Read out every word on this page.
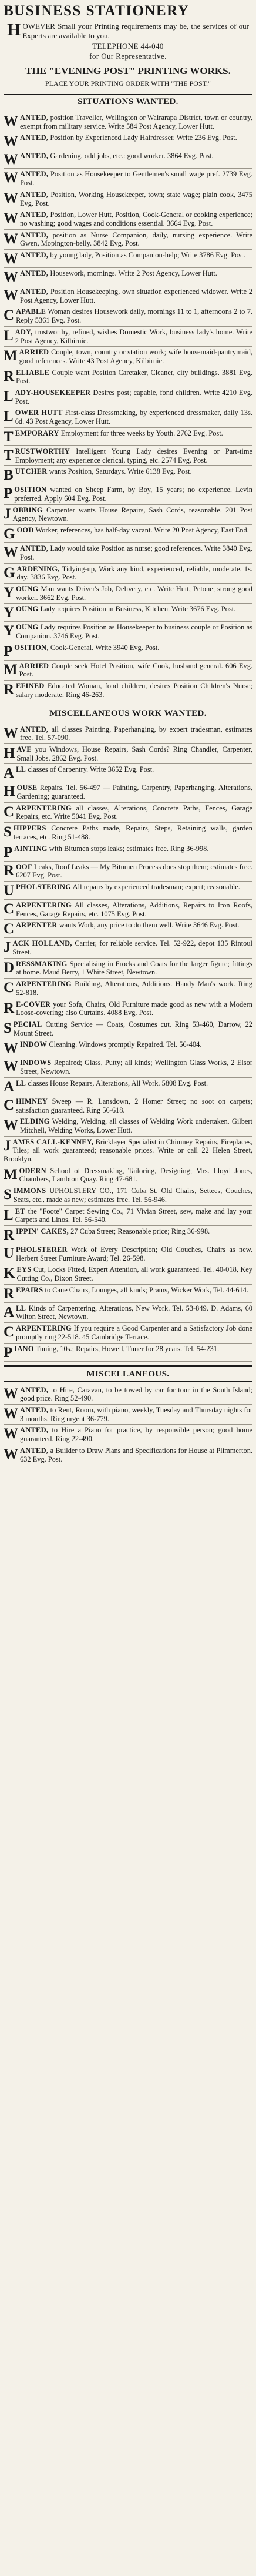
BUSINESS STATIONERY
H OWEVER Small your Printing requirements may be, the services of our Experts are available to you.
TELEPHONE 44-040
for Our Representative.
THE "EVENING POST" PRINTING WORKS.
PLACE YOUR PRINTING ORDER WITH "THE POST."
SITUATIONS WANTED.
WANTED, position Traveller, Wellington or Wairarapa District, town or country, exempt from military service. Write 584 Post Agency, Lower Hutt.
WANTED, Position by Experienced Lady Hairdresser. Write 236 Evg. Post.
WANTED, Gardening, odd jobs, etc.: good worker. 3864 Evg. Post.
WANTED, Position as Housekeeper to Gentlemen's small wage pref. 2739 Evg. Post.
WANTED, Position, Working Housekeeper, town; state wage; plain cook, 3475 Evg. Post.
WANTED, Position, Lower Hutt, Position, Cook-General or cooking experience; no washing; good wages and conditions essential. 3664 Evg. Post.
WANTED, position as Nurse Companion, daily, nursing experience. Write Gwen, Mopington-belly. 3842 Evg. Post.
WANTED, by young lady, Position as Companion-help; Write 3786 Evg. Post.
WANTED, Housework, mornings. Write 2 Post Agency, Lower Hutt.
WANTED, Position Housekeeping, own situation experienced widower. Write 2 Post Agency, Lower Hutt.
CAPABLE Woman desires Housework daily, mornings 11 to 1, afternoons 2 to 7. Reply 5361 Evg. Post.
LADY, trustworthy, refined, wishes Domestic Work, business lady's home. Write 2 Post Agency, Kilbirnie.
MARRIED Couple, town, country or station work; wife housemaid-pantrymaid, good references. Write 43 Post Agency, Kilbirnie.
RELIABLE Couple want Position Caretaker, Cleaner, city buildings. 3881 Evg. Post.
LADY-HOUSEKEEPER Desires post; capable, fond children. Write 4210 Evg. Post.
LOWER HUTT First-class Dressmaking, by experienced dressmaker, daily 13s. 6d. 43 Post Agency, Lower Hutt.
TEMPORARY Employment for three weeks by Youth. 2762 Evg. Post.
TRUSTWORTHY Intelligent Young Lady desires Evening or Part-time Employment; any experience clerical, typing, etc. 2574 Evg. Post.
BUTCHER wants Position, Saturdays. Write 6138 Evg. Post.
POSITION wanted on Sheep Farm, by Boy, 15 years; no experience. Levin preferred. Apply 604 Evg. Post.
JOBBING Carpenter wants House Repairs, Sash Cords, reasonable. 201 Post Agency, Newtown.
GOOD Worker, references, has half-day vacant. Write 20 Post Agency, East End.
WANTED, Lady would take Position as nurse; good references. Write 3840 Evg. Post.
GARDENING, Tidying-up, Work any kind, experienced, reliable, moderate. 1s. day. 3836 Evg. Post.
YOUNG Man wants Driver's Job, Delivery, etc. Write Hutt, Petone; strong good worker. 3662 Evg. Post.
YOUNG Lady requires Position in Business, Kitchen. Write 3676 Evg. Post.
YOUNG Lady requires Position as Housekeeper to business couple or Position as Companion. 3746 Evg. Post.
POSITION, Cook-General. Write 3940 Evg. Post.
MARRIED Couple seek Hotel Position, wife Cook, husband general. 606 Evg. Post.
REFINED Educated Woman, fond children, desires Position Children's Nurse; salary moderate. Ring 46-263.
MISCELLANEOUS WORK WANTED.
WANTED, all classes Painting, Paperhanging, by expert tradesman, estimates free. Tel. 57-090.
HAVE you Windows, House Repairs, Sash Cords? Ring Chandler, Carpenter, Small Jobs. 2862 Evg. Post.
ALL classes of Carpentry. Write 3652 Evg. Post.
HOUSE Repairs. Tel. 56-497 — Painting, Carpentry, Paperhanging, Alterations, Gardening; guaranteed.
CARPENTERING all classes, Alterations, Concrete Paths, Fences, Garage Repairs, etc. Write 5041 Evg. Post.
SHIPPERS Concrete Paths made, Repairs, Steps, Retaining walls, garden terraces, etc. Ring 51-488.
PAINTING with Bitumen stops leaks; estimates free. Ring 36-998.
ROOF Leaks, Roof Leaks — My Bitumen Process does stop them; estimates free. 6207 Evg. Post.
UPHOLSTERING All repairs by experienced tradesman; expert; reasonable.
CARPENTERING All classes, Alterations, Additions, Repairs to Iron Roofs, Fences, Garage Repairs, etc. 1075 Evg. Post.
CARPENTER wants Work, any price to do them well. Write 3646 Evg. Post.
JACK HOLLAND, Carrier, for reliable service. Tel. 52-922, depot 135 Rintoul Street.
DRESSMAKING Specialising in Frocks and Coats for the larger figure; fittings at home. Maud Berry, 1 White Street, Newtown.
CARPENTERING Building, Alterations, Additions. Handy Man's work. Ring 52-818.
R E-COVER your Sofa, Chairs, Old Furniture made good as new with a Modern Loose-covering; also Curtains. 4088 Evg. Post.
SPECIAL Cutting Service — Coats, Costumes cut. Ring 53-460, Darrow, 22 Mount Street.
WINDOW Cleaning. Windows promptly Repaired. Tel. 56-404.
WINDOWS Repaired; Glass, Putty; all kinds; Wellington Glass Works, 2 Elsor Street, Newtown.
ALL classes House Repairs, Alterations, All Work. 5808 Evg. Post.
CHIMNEY Sweep — R. Lansdown, 2 Homer Street; no soot on carpets; satisfaction guaranteed. Ring 56-618.
WELDING Welding, Welding, all classes of Welding Work undertaken. Gilbert Mitchell, Welding Works, Lower Hutt.
JAMES CALL-KENNEY, Bricklayer Specialist in Chimney Repairs, Fireplaces, Tiles; all work guaranteed; reasonable prices. Write or call 22 Helen Street, Brooklyn.
MODERN School of Dressmaking, Tailoring, Designing; Mrs. Lloyd Jones, Chambers, Lambton Quay. Ring 47-681.
SIMMONS UPHOLSTERY CO., 171 Cuba St. Old Chairs, Settees, Couches, Seats, etc., made as new; estimates free. Tel. 56-946.
LET the "Foote" Carpet Sewing Co., 71 Vivian Street, sew, make and lay your Carpets and Linos. Tel. 56-540.
RIPPIN' CAKES, 27 Cuba Street; Reasonable price; Ring 36-998.
UPHOLSTERER Work of Every Description; Old Couches, Chairs as new. Herbert Street Furniture Award; Tel. 26-598.
KEYS Cut, Locks Fitted, Expert Attention, all work guaranteed. Tel. 40-018, Key Cutting Co., Dixon Street.
REPAIRS to Cane Chairs, Lounges, all kinds; Prams, Wicker Work, Tel. 44-614.
ALL Kinds of Carpentering, Alterations, New Work. Tel. 53-849. D. Adams, 60 Wilton Street, Newtown.
CARPENTERING If you require a Good Carpenter and a Satisfactory Job done promptly ring 22-518. 45 Cambridge Terrace.
PIANO Tuning, 10s.; Repairs, Howell, Tuner for 28 years. Tel. 54-231.
MISCELLANEOUS.
WANTED, to Hire, Caravan, to be towed by car for tour in the South Island; good price. Ring 52-490.
WANTED, to Rent, Room, with piano, weekly, Tuesday and Thursday nights for 3 months. Ring urgent 36-779.
WANTED, to Hire a Piano for practice, by responsible person; good home guaranteed. Ring 22-490.
WANTED, a Builder to Draw Plans and Specifications for House at Plimmerton. 632 Evg. Post.
